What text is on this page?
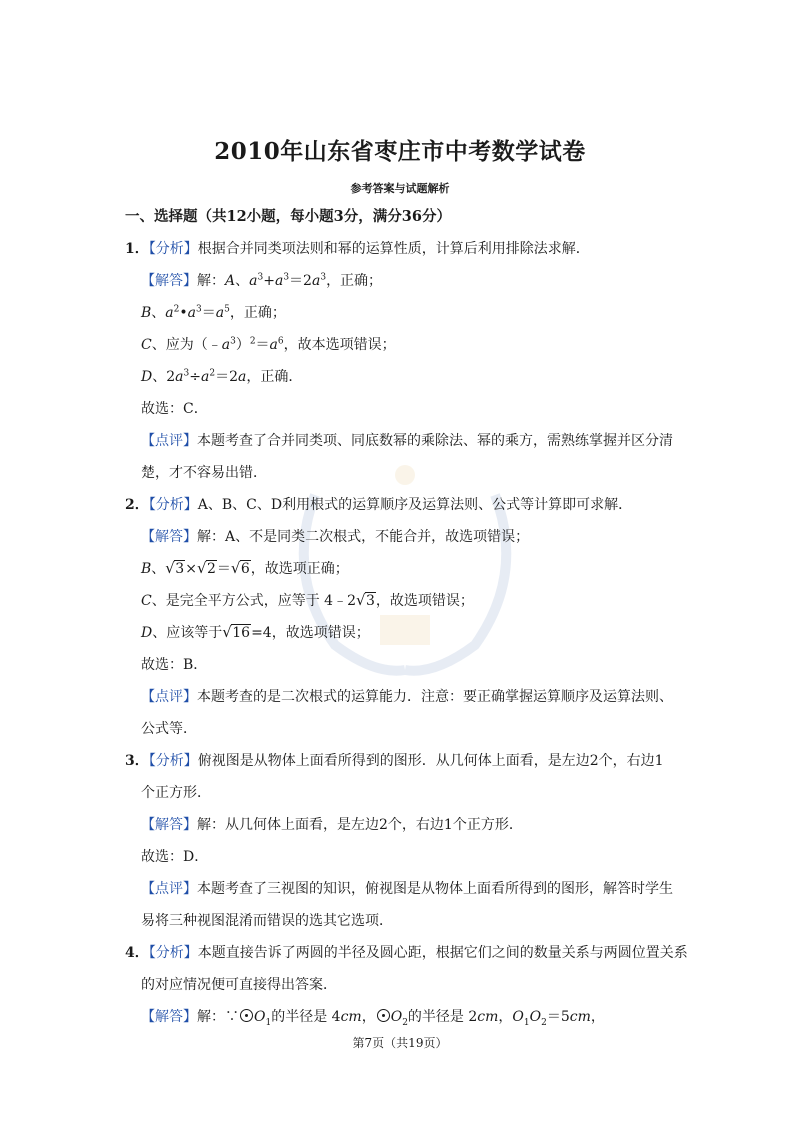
2010年山东省枣庄市中考数学试卷
参考答案与试题解析
一、选择题（共12小题，每小题3分，满分36分）
1．【分析】根据合并同类项法则和幂的运算性质，计算后利用排除法求解．
【解答】解：A、$a^3+a^3=2a^3$，正确；
B、$a^2•a^3=a^5$，正确；
C、应为$(﹣a^3)^2=a^6$，故本选项错误；
D、$2a^3\div a^2=2a$，正确．
故选：C．
【点评】本题考查了合并同类项、同底数幂的乘除法、幂的乘方，需熟练掌握并区分清
楚，才不容易出错．
2．【分析】A、B、C、D利用根式的运算顺序及运算法则、公式等计算即可求解．
【解答】解：A、不是同类二次根式，不能合并，故选项错误；
B、 √ 3× √ 2＝ √ 6，故选项正确；
C、是完全平方公式，应等于 4﹣2 √ 3，故选项错误；
D、应该等于 √ 16=4，故选项错误；
故选：B．
【点评】本题考查的是二次根式的运算能力．注意：要正确掌握运算顺序及运算法则、
公式等．
3．【分析】俯视图是从物体上面看所得到的图形．从几何体上面看，是左边2个，右边1
个正方形．
【解答】解：从几何体上面看，是左边2个，右边1个正方形．
故选：D．
【点评】本题考查了三视图的知识，俯视图是从物体上面看所得到的图形，解答时学生
易将三种视图混淆而错误的选其它选项．
4．【分析】本题直接告诉了两圆的半径及圆心距，根据它们之间的数量关系与两圆位置关系
的对应情况便可直接得出答案．
【解答】解：∵ $O_1$的半径是 4cm， $O_2$的半径是 2cm，$O_1O_2=5cm$，
第7页（共19页）
